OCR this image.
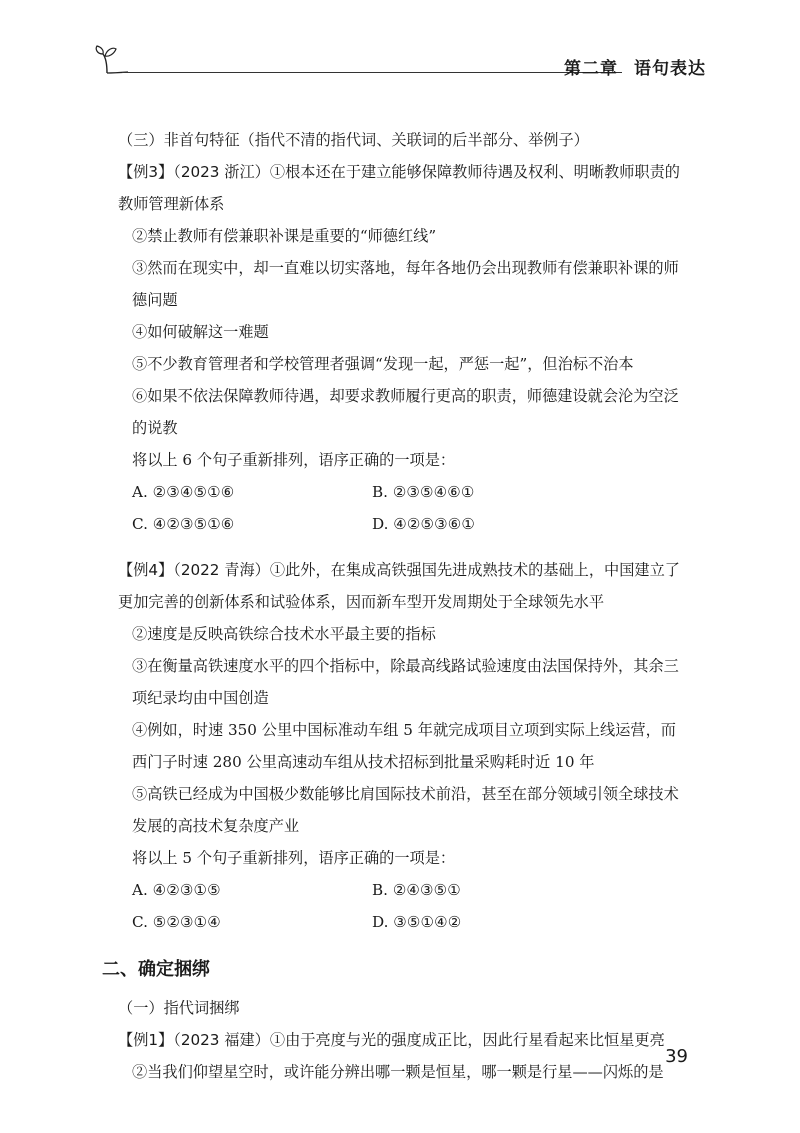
第二章 语句表达

（三）非首句特征（指代不清的指代词、关联词的后半部分、举例子）

【例3】（2023 浙江）①根本还在于建立能够保障教师待遇及权利、明晰教师职责的教师管理新体系

②禁止教师有偿兼职补课是重要的“师德红线”

③然而在现实中，却一直难以切实落地，每年各地仍会出现教师有偿兼职补课的师德问题

④如何破解这一难题

⑤不少教育管理者和学校管理者强调“发现一起，严惩一起”，但治标不治本

⑥如果不依法保障教师待遇，却要求教师履行更高的职责，师德建设就会沦为空泛的说教

将以上 6 个句子重新排列，语序正确的一项是：

A. ②③④⑤①⑥	B. ②③⑤④⑥①
C. ④②③⑤①⑥	D. ④②⑤③⑥①

【例4】（2022 青海）①此外，在集成高铁强国先进成熟技术的基础上，中国建立了更加完善的创新体系和试验体系，因而新车型开发周期处于全球领先水平

②速度是反映高铁综合技术水平最主要的指标

③在衡量高铁速度水平的四个指标中，除最高线路试验速度由法国保持外，其余三项纪录均由中国创造

④例如，时速 350 公里中国标准动车组 5 年就完成项目立项到实际上线运营，而西门子时速 280 公里高速动车组从技术招标到批量采购耗时近 10 年

⑤高铁已经成为中国极少数能够比肩国际技术前沿，甚至在部分领域引领全球技术发展的高技术复杂度产业

将以上 5 个句子重新排列，语序正确的一项是：

A. ④②③①⑤	B. ②④③⑤①
C. ⑤②③①④	D. ③⑤①④②

二、确定捆绑

（一）指代词捆绑

【例1】（2023 福建）①由于亮度与光的强度成正比，因此行星看起来比恒星更亮

②当我们仰望星空时，或许能分辨出哪一颗是恒星，哪一颗是行星——闪烁的是

39
